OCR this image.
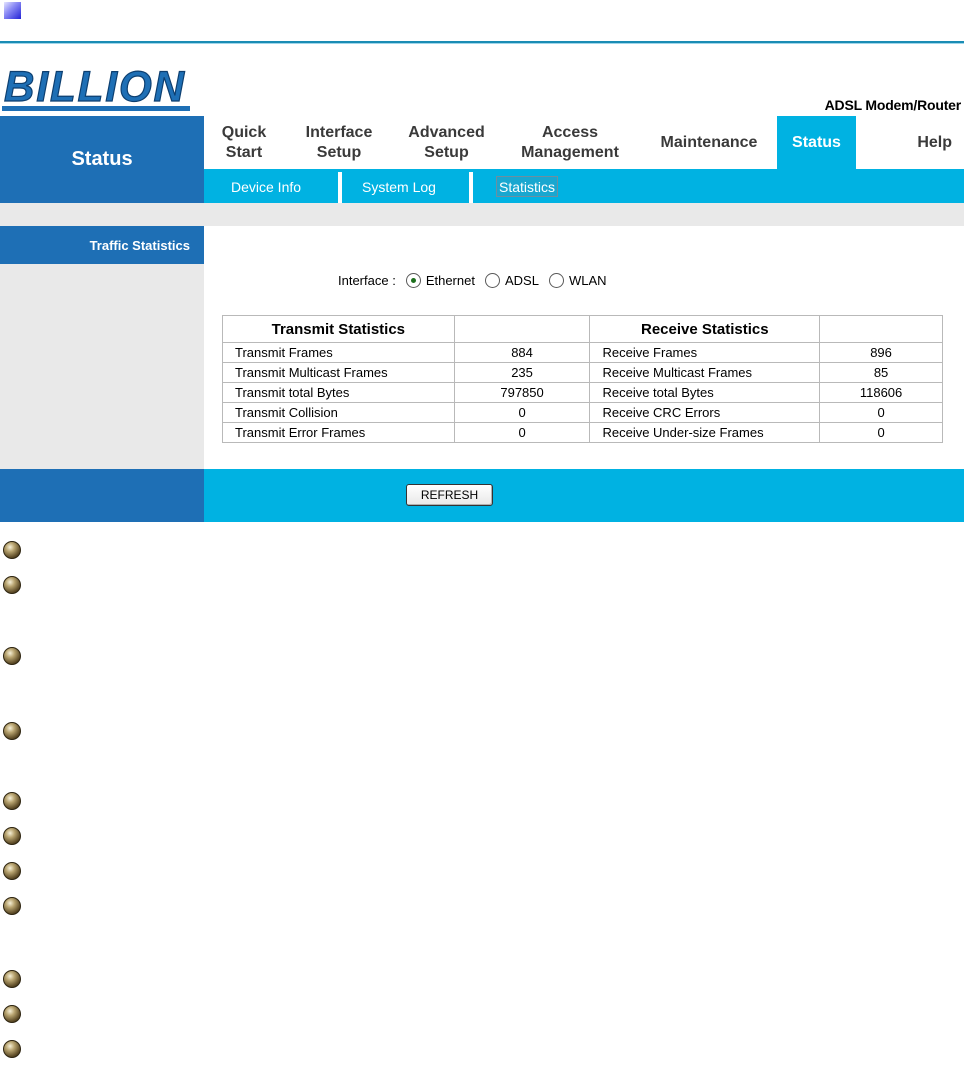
BILLION	ADSL Modem/Router
Status
Quick
Start
Interface
Setup
Advanced
Setup
Access
Management
Maintenance Status	Help
Device Info	System Log	Statistics
Traffic Statistics
Interface : Ethernet ADSL WLAN
Transmit Statistics		Receive Statistics	
Transmit Frames	884	Receive Frames	896
Transmit Multicast Frames	235	Receive Multicast Frames	85
Transmit total Bytes	797850	Receive total Bytes	118606
Transmit Collision	0	Receive CRC Errors	0
Transmit Error Frames	0	Receive Under-size Frames	0
REFRESH
